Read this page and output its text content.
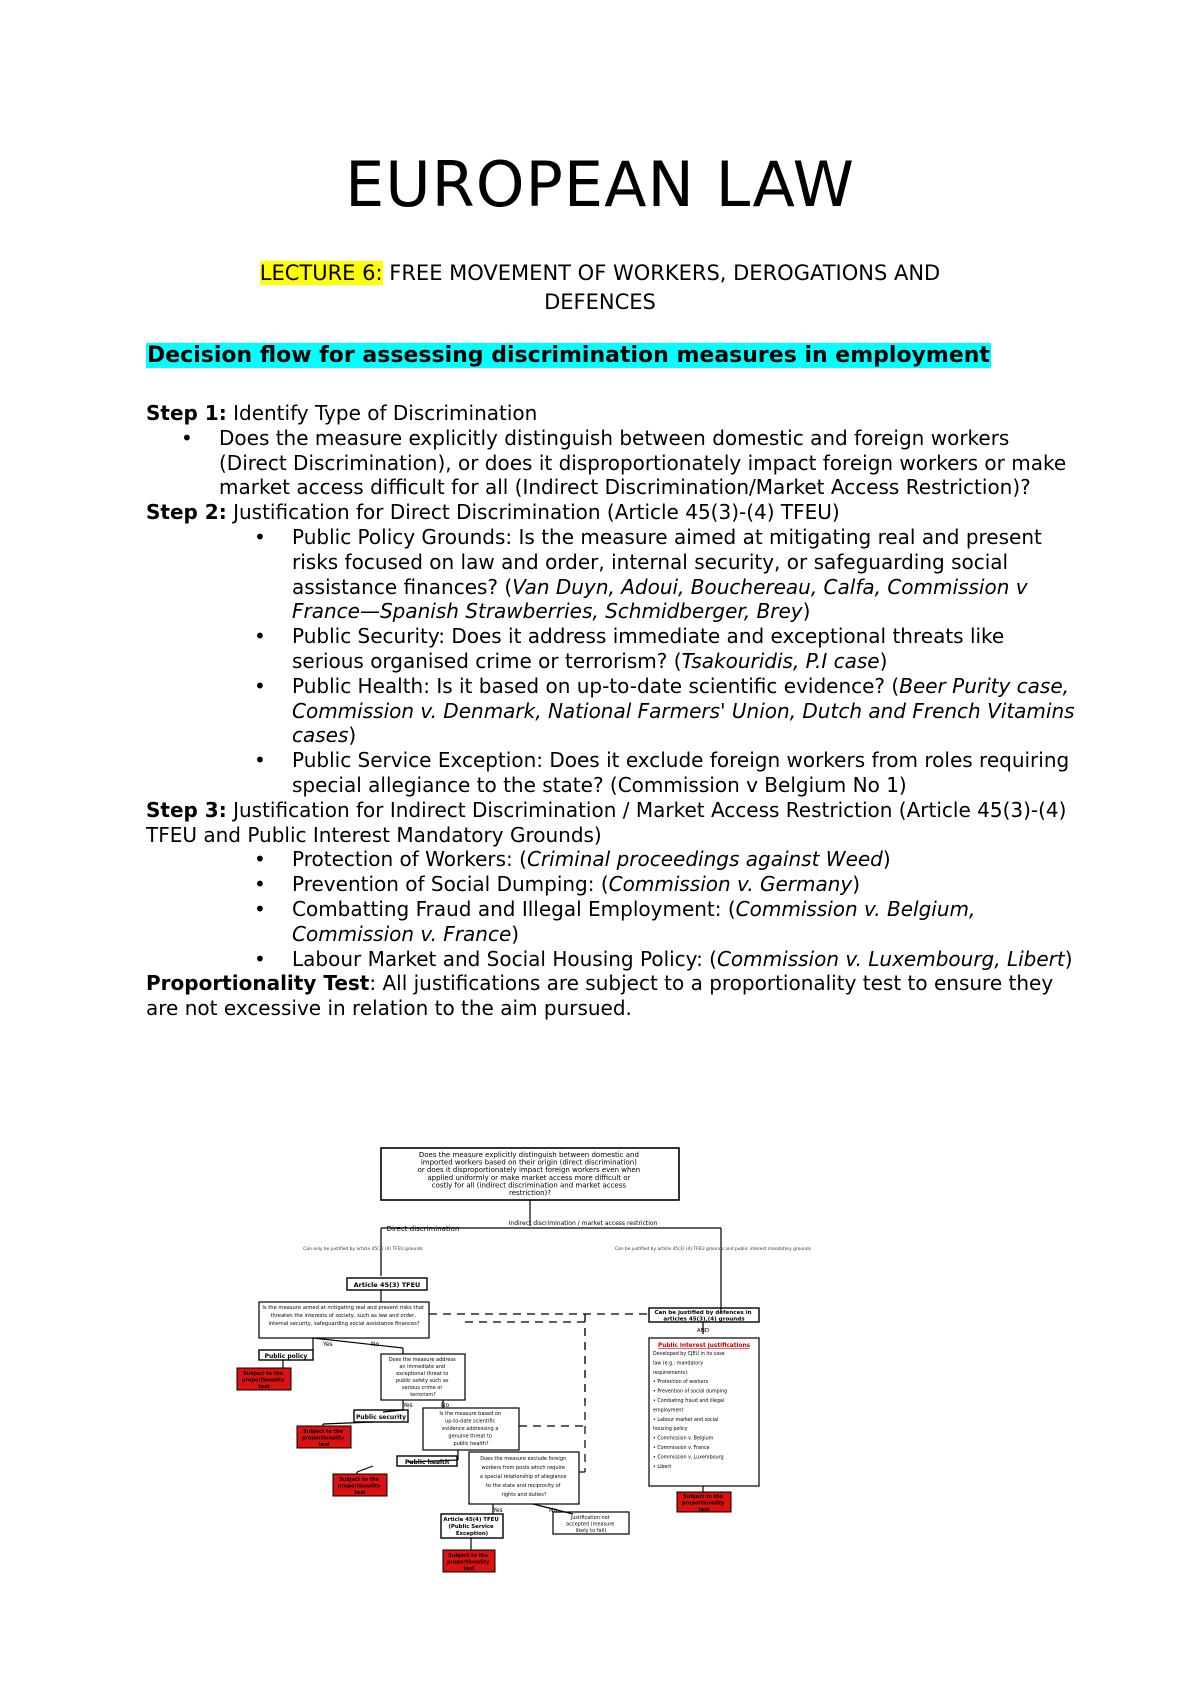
EUROPEAN LAW
LECTURE 6: FREE MOVEMENT OF WORKERS, DEROGATIONS AND
DEFENCES
Decision flow for assessing discrimination measures in employment

Step 1: Identify Type of Discrimination

• Does the measure explicitly distinguish between domestic and foreign workers (Direct Discrimination), or does it disproportionately impact foreign workers or make market access difficult for all (Indirect Discrimination/Market Access Restriction)?

Step 2: Justification for Direct Discrimination (Article 45(3)-(4) TFEU)

• Public Policy Grounds: Is the measure aimed at mitigating real and present risks focused on law and order, internal security, or safeguarding social assistance finances? (Van Duyn, Adoui, Bouchereau, Calfa, Commission v France—Spanish Strawberries, Schmidberger, Brey)
• Public Security: Does it address immediate and exceptional threats like serious organised crime or terrorism? (Tsakouridis, P.I case)
• Public Health: Is it based on up-to-date scientific evidence? (Beer Purity case, Commission v. Denmark, National Farmers' Union, Dutch and French Vitamins cases)
• Public Service Exception: Does it exclude foreign workers from roles requiring special allegiance to the state? (Commission v Belgium No 1)

Step 3: Justification for Indirect Discrimination / Market Access Restriction (Article 45(3)-(4) TFEU and Public Interest Mandatory Grounds)

• Protection of Workers: (Criminal proceedings against Weed)
• Prevention of Social Dumping: (Commission v. Germany)
• Combatting Fraud and Illegal Employment: (Commission v. Belgium, Commission v. France)
• Labour Market and Social Housing Policy: (Commission v. Luxembourg, Libert)

Proportionality Test: All justifications are subject to a proportionality test to ensure they are not excessive in relation to the aim pursued.

Does the measure explicitly distinguish between domestic and imported workers based on their origin (direct discrimination) or does it disproportionately impact foreign workers even when applied uniformly or make market access more difficult or costly for all (indirect discrimination and market access restriction)?
Direct discrimination
Indirect discrimination / market access restriction
Can only be justified by article 45(3) (4) TFEU grounds	Can be justified by article 45(3) (4) TFEU grounds and public interest mandatory grounds
Article 45(3) TFEU
Is the measure aimed at mitigating real and present risks that threaten the interests of society, such as law and order, internal security, safeguarding social assistance finances?
Yes	No
Public policy	Does the measure address an immediate and exceptional threat to public safety such as serious crime or terrorism?
Yes	No
Public security	Is the measure based on up-to-date scientific evidence addressing a genuine threat to public health?
Public health	Does the measure exclude foreign workers from posts which require a special relationship of allegiance to the state and reciprocity of rights and duties?
Yes	No
Article 45(4) TFEU (Public Service Exception)
Justification not accepted (measure likely to fail)
Can be justified by defences in articles 45(3),(4) grounds
AND
Public interest justifications
Developed by CJEU in its case law (e.g.: mandatory requirements): • Protection of workers • Prevention of social dumping • Combating fraud and illegal employment • Labour market and social housing policy • Commission v. Belgium • Commission v. France • Commission v. Luxembourg • Libert
Subject to the proportionality test
Subject to the proportionality test
Subject to the proportionality test
Subject to the proportionality test
Subject to the proportionality test
